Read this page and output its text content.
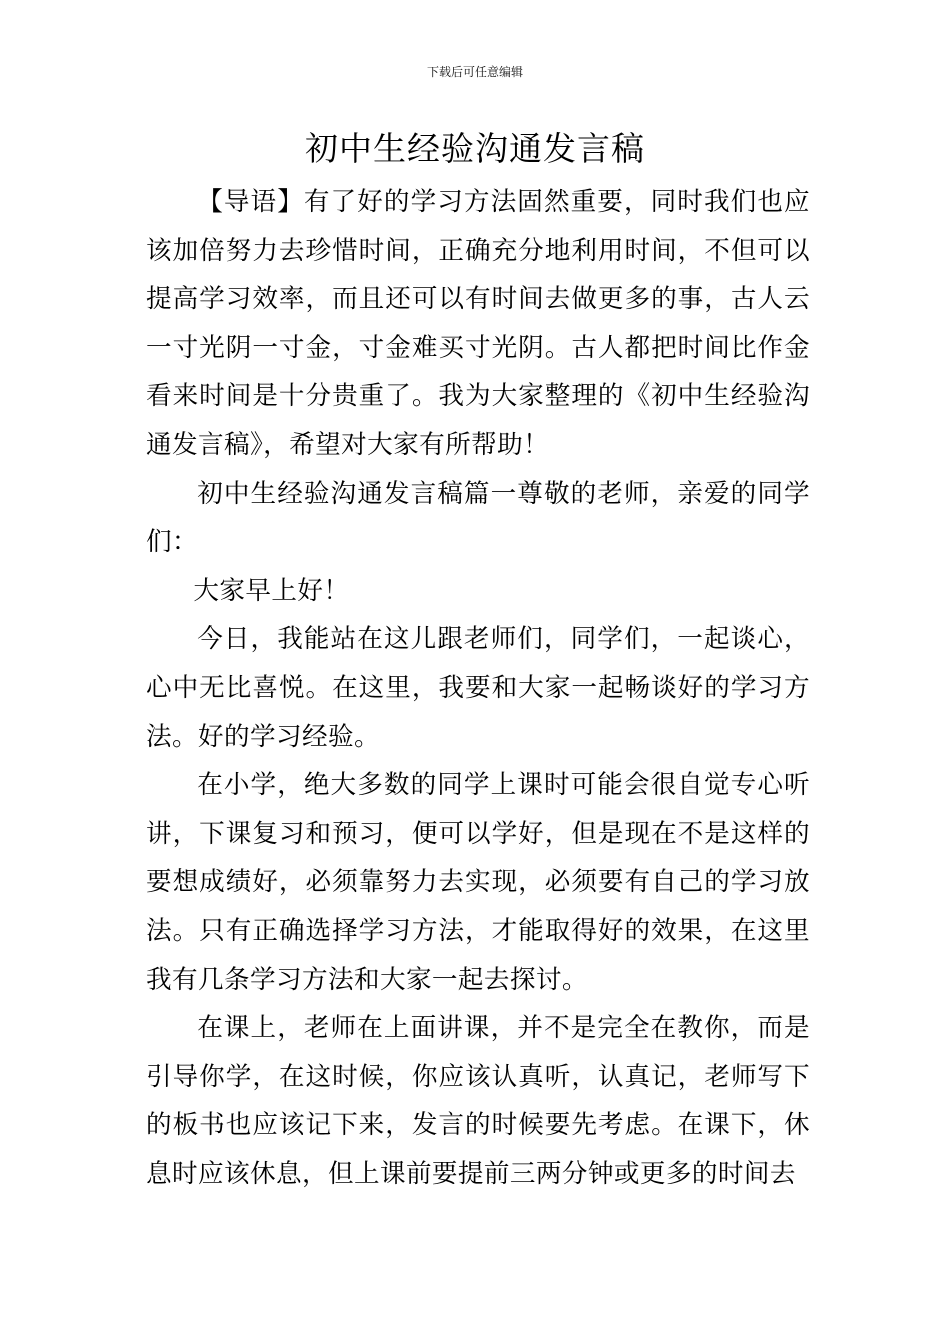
下载后可任意编辑
初中生经验沟通发言稿

【导语】有了好的学习方法固然重要，同时我们也应该加倍努力去珍惜时间，正确充分地利用时间，不但可以提高学习效率，而且还可以有时间去做更多的事，古人云一寸光阴一寸金，寸金难买寸光阴。古人都把时间比作金看来时间是十分贵重了。我为大家整理的《初中生经验沟通发言稿》，希望对大家有所帮助！

初中生经验沟通发言稿篇一尊敬的老师，亲爱的同学们：

大家早上好！

今日，我能站在这儿跟老师们，同学们，一起谈心，心中无比喜悦。在这里，我要和大家一起畅谈好的学习方法。好的学习经验。

在小学，绝大多数的同学上课时可能会很自觉专心听讲，下课复习和预习，便可以学好，但是现在不是这样的要想成绩好，必须靠努力去实现，必须要有自己的学习放法。只有正确选择学习方法，才能取得好的效果，在这里我有几条学习方法和大家一起去探讨。

在课上，老师在上面讲课，并不是完全在教你，而是引导你学，在这时候，你应该认真听，认真记，老师写下的板书也应该记下来，发言的时候要先考虑。在课下，休息时应该休息，但上课前要提前三两分钟或更多的时间去
